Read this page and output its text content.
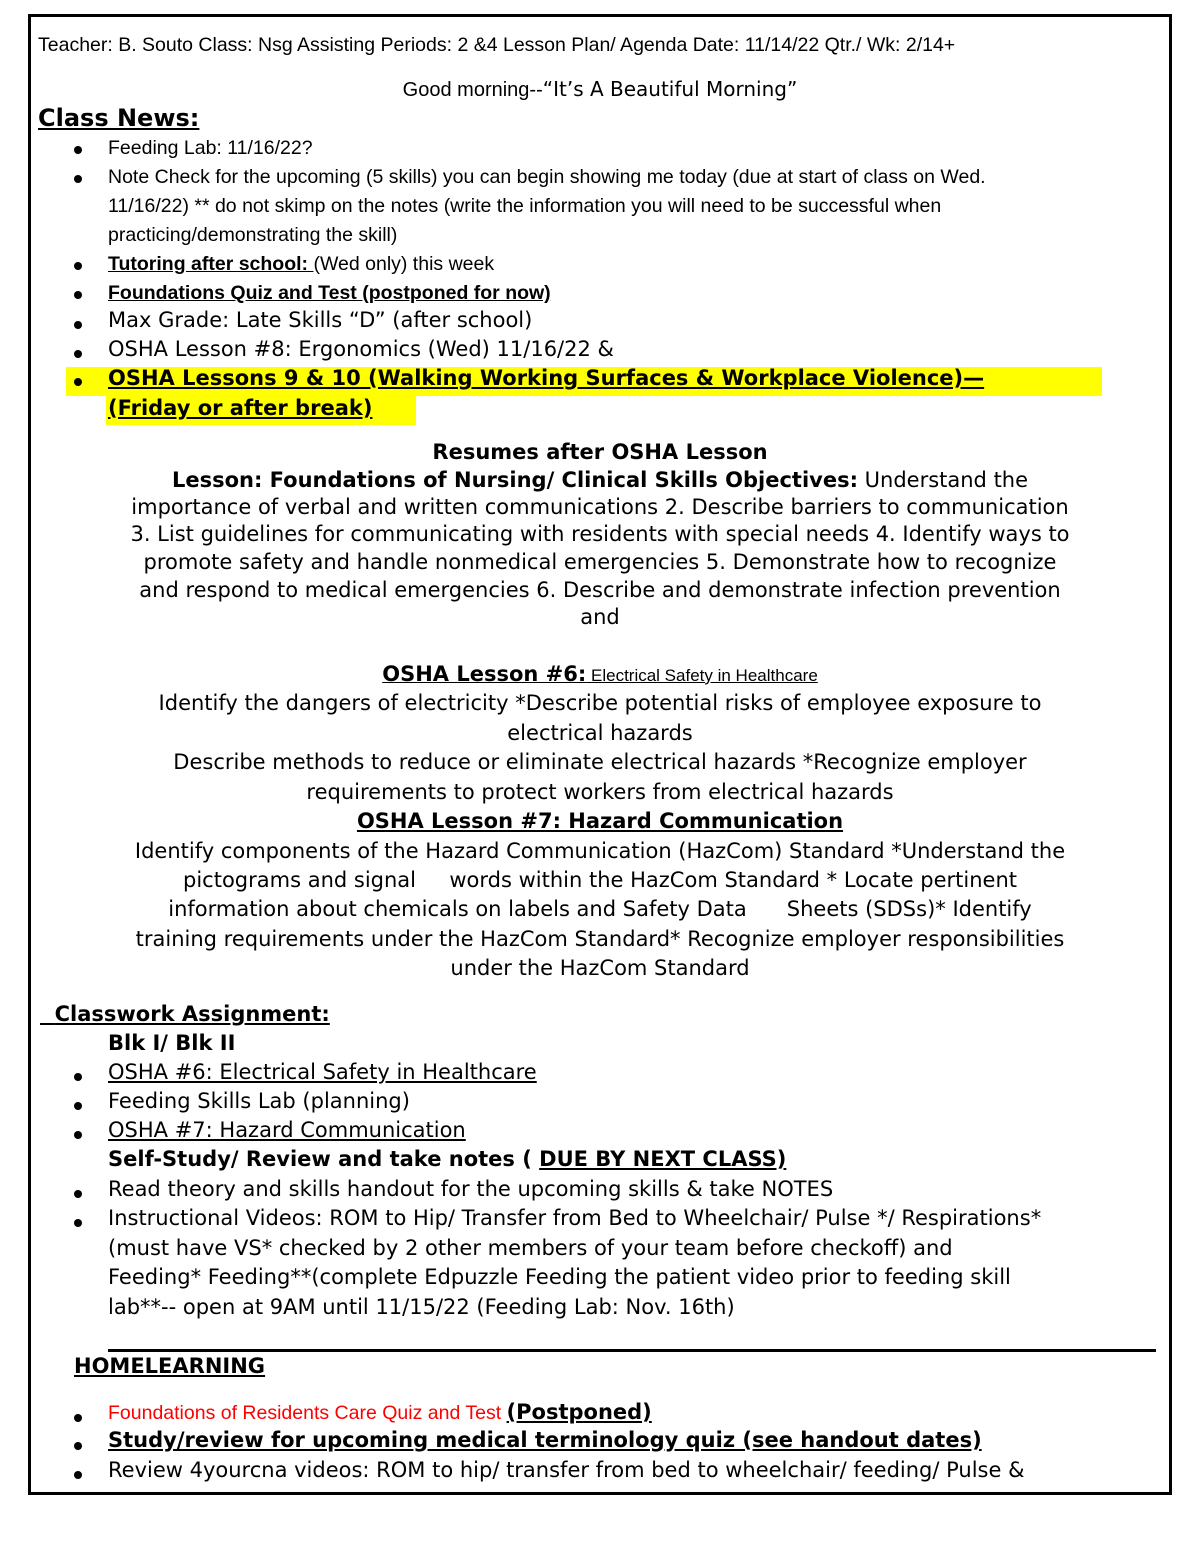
Teacher: B. Souto Class: Nsg Assisting Periods: 2 &4 Lesson Plan/ Agenda Date: 11/14/22 Qtr./ Wk: 2/14+
Good morning--“It’s A Beautiful Morning”
Class News:
Feeding Lab: 11/16/22?
Note Check for the upcoming (5 skills) you can begin showing me today (due at start of class on Wed.
11/16/22) ** do not skimp on the notes (write the information you will need to be successful when
practicing/demonstrating the skill)
Tutoring after school: (Wed only) this week
Foundations Quiz and Test (postponed for now)
Max Grade: Late Skills “D” (after school)
OSHA Lesson #8: Ergonomics (Wed) 11/16/22 &
OSHA Lessons 9 & 10 (Walking Working Surfaces & Workplace Violence)—
(Friday or after break)
Resumes after OSHA Lesson
Lesson: Foundations of Nursing/ Clinical Skills Objectives: Understand the
importance of verbal and written communications 2. Describe barriers to communication
3. List guidelines for communicating with residents with special needs 4. Identify ways to
promote safety and handle nonmedical emergencies 5. Demonstrate how to recognize
and respond to medical emergencies 6. Describe and demonstrate infection prevention
and
OSHA Lesson #6: Electrical Safety in Healthcare
Identify the dangers of electricity *Describe potential risks of employee exposure to
electrical hazards
Describe methods to reduce or eliminate electrical hazards *Recognize employer
requirements to protect workers from electrical hazards
OSHA Lesson #7: Hazard Communication
Identify components of the Hazard Communication (HazCom) Standard *Understand the
pictograms and signal     words within the HazCom Standard * Locate pertinent
information about chemicals on labels and Safety Data      Sheets (SDSs)* Identify
training requirements under the HazCom Standard* Recognize employer responsibilities
under the HazCom Standard
Classwork Assignment:
Blk I/ Blk II
OSHA #6: Electrical Safety in Healthcare
Feeding Skills Lab (planning)
OSHA #7: Hazard Communication
Self-Study/ Review and take notes ( DUE BY NEXT CLASS)
Read theory and skills handout for the upcoming skills & take NOTES
Instructional Videos: ROM to Hip/ Transfer from Bed to Wheelchair/ Pulse */ Respirations*
(must have VS* checked by 2 other members of your team before checkoff) and
Feeding* Feeding**(complete Edpuzzle Feeding the patient video prior to feeding skill
lab**-- open at 9AM until 11/15/22 (Feeding Lab: Nov. 16th)
HOMELEARNING
Foundations of Residents Care Quiz and Test (Postponed)
Study/review for upcoming medical terminology quiz (see handout dates)
Review 4yourcna videos: ROM to hip/ transfer from bed to wheelchair/ feeding/ Pulse &
